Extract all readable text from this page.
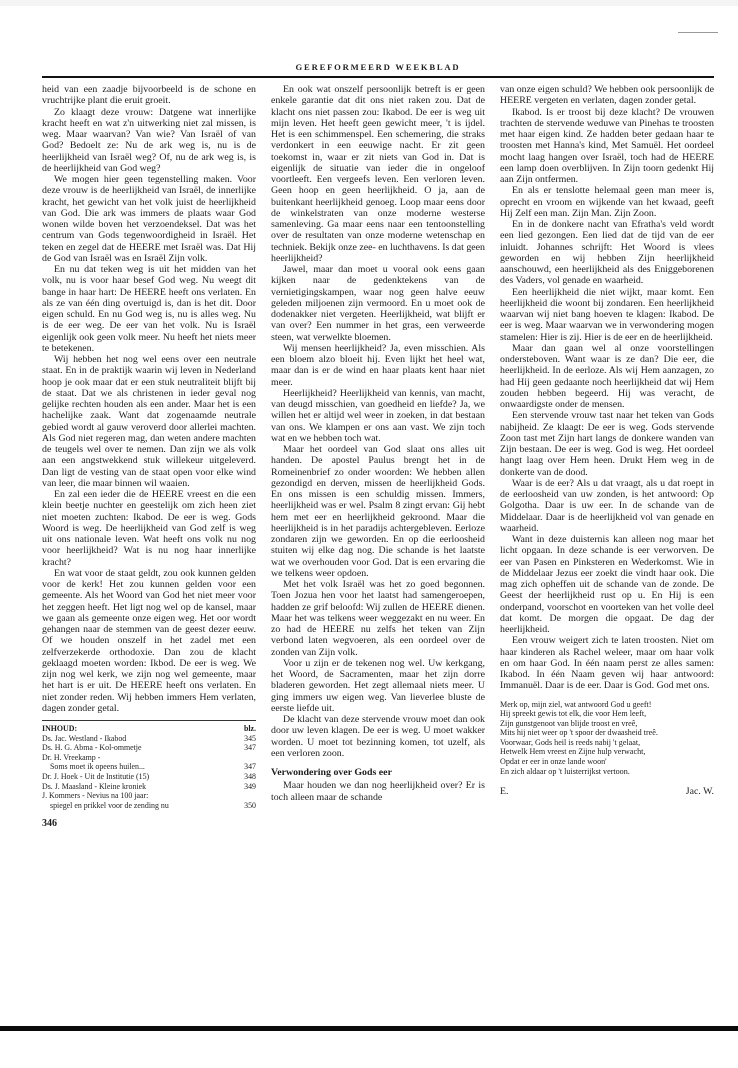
GEREFORMEERD WEEKBLAD

heid van een zaadje bijvoorbeeld is de schone en vruchtrijke plant die eruit groeit.

Zo klaagt deze vrouw: Datgene wat innerlijke kracht heeft en wat z'n uitwerking niet zal missen, is weg. Maar waarvan? Van wie? Van Israël of van God? Bedoelt ze: Nu de ark weg is, nu is de heerlijkheid van Israël weg? Of, nu de ark weg is, is de heerlijkheid van God weg?

We mogen hier geen tegenstelling maken. Voor deze vrouw is de heerlijkheid van Israël, de innerlijke kracht, het gewicht van het volk juist de heerlijkheid van God. Die ark was immers de plaats waar God wonen wilde boven het verzoendeksel. Dat was het centrum van Gods tegenwoordigheid in Israël. Het teken en zegel dat de HEERE met Israël was. Dat Hij de God van Israël was en Israël Zijn volk.

En nu dat teken weg is uit het midden van het volk, nu is voor haar besef God weg. Nu weegt dit bange in haar hart: De HEERE heeft ons verlaten. En als ze van één ding overtuigd is, dan is het dit. Door eigen schuld. En nu God weg is, nu is alles weg. Nu is de eer weg. De eer van het volk. Nu is Israël eigenlijk ook geen volk meer. Nu heeft het niets meer te betekenen.

Wij hebben het nog wel eens over een neutrale staat. En in de praktijk waarin wij leven in Nederland hoop je ook maar dat er een stuk neutraliteit blijft bij de staat. Dat we als christenen in ieder geval nog gelijke rechten houden als een ander. Maar het is een hachelijke zaak. Want dat zogenaamde neutrale gebied wordt al gauw veroverd door allerlei machten. Als God niet regeren mag, dan weten andere machten de teugels wel over te nemen. Dan zijn we als volk aan een angstwekkend stuk willekeur uitgeleverd. Dan ligt de vesting van de staat open voor elke wind van leer, die maar binnen wil waaien.

En zal een ieder die de HEERE vreest en die een klein beetje nuchter en geestelijk om zich heen ziet niet moeten zuchten: Ikabod. De eer is weg. Gods Woord is weg. De heerlijkheid van God zelf is weg uit ons nationale leven. Wat heeft ons volk nu nog voor heerlijkheid? Wat is nu nog haar innerlijke kracht?

En wat voor de staat geldt, zou ook kunnen gelden voor de kerk! Het zou kunnen gelden voor een gemeente. Als het Woord van God het niet meer voor het zeggen heeft. Het ligt nog wel op de kansel, maar we gaan als gemeente onze eigen weg. Het oor wordt gehangen naar de stemmen van de geest dezer eeuw. Of we houden onszelf in het zadel met een zelfverzekerde orthodoxie. Dan zou de klacht geklaagd moeten worden: Ikbod. De eer is weg. We zijn nog wel kerk, we zijn nog wel gemeente, maar het hart is er uit. De HEERE heeft ons verlaten. En niet zonder reden. Wij hebben immers Hem verlaten, dagen zonder getal.

INHOUD:	blz.
Ds. Jac. Westland - Ikabod	345
Ds. H. G. Abma - Kol-ommetje	347
Dr. H. Vreekamp -
Soms moet ik opeens huilen...	347
Dr. J. Hoek - Uit de Institutie (15)	348
Ds. J. Maasland - Kleine kroniek	349
J. Kommers - Nevius na 100 jaar:
spiegel en prikkel voor de zending nu	350
346

En ook wat onszelf persoonlijk betreft is er geen enkele garantie dat dit ons niet raken zou. Dat de klacht ons niet passen zou: Ikabod. De eer is weg uit mijn leven. Het heeft geen gewicht meer, 't is ijdel. Het is een schimmenspel. Een schemering, die straks verdonkert in een eeuwige nacht. Er zit geen toekomst in, waar er zit niets van God in. Dat is eigenlijk de situatie van ieder die in ongeloof voortleeft. Een vergeefs leven. Een verloren leven. Geen hoop en geen heerlijkheid. O ja, aan de buitenkant heerlijkheid genoeg. Loop maar eens door de winkelstraten van onze moderne westerse samenleving. Ga maar eens naar een tentoonstelling over de resultaten van onze moderne wetenschap en techniek. Bekijk onze zee- en luchthavens. Is dat geen heerlijkheid?

Jawel, maar dan moet u vooral ook eens gaan kijken naar de gedenktekens van de vernietigingskampen, waar nog geen halve eeuw geleden miljoenen zijn vermoord. En u moet ook de dodenakker niet vergeten. Heerlijkheid, wat blijft er van over? Een nummer in het gras, een verweerde steen, wat verwelkte bloemen.

Wij mensen heerlijkheid? Ja, even misschien. Als een bloem alzo bloeit hij. Even lijkt het heel wat, maar dan is er de wind en haar plaats kent haar niet meer.

Heerlijkheid? Heerlijkheid van kennis, van macht, van deugd misschien, van goedheid en liefde? Ja, we willen het er altijd wel weer in zoeken, in dat bestaan van ons. We klampen er ons aan vast. We zijn toch wat en we hebben toch wat.

Maar het oordeel van God slaat ons alles uit handen. De apostel Paulus brengt het in de Romeinenbrief zo onder woorden: We hebben allen gezondigd en derven, missen de heerlijkheid Gods. En ons missen is een schuldig missen. Immers, heerlijkheid was er wel. Psalm 8 zingt ervan: Gij hebt hem met eer en heerlijkheid gekroond. Maar die heerlijkheid is in het paradijs achtergebleven. Eerloze zondaren zijn we geworden. En op die eerloosheid stuiten wij elke dag nog. Die schande is het laatste wat we overhouden voor God. Dat is een ervaring die we telkens weer opdoen.

Met het volk Israël was het zo goed begonnen. Toen Jozua hen voor het laatst had samengeroepen, hadden ze grif beloofd: Wij zullen de HEERE dienen. Maar het was telkens weer weggezakt en nu weer. En zo had de HEERE nu zelfs het teken van Zijn verbond laten wegvoeren, als een oordeel over de zonden van Zijn volk.

Voor u zijn er de tekenen nog wel. Uw kerkgang, het Woord, de Sacramenten, maar het zijn dorre bladeren geworden. Het zegt allemaal niets meer. U ging immers uw eigen weg. Van lieverlee bluste de eerste liefde uit.

De klacht van deze stervende vrouw moet dan ook door uw leven klagen. De eer is weg. U moet wakker worden. U moet tot bezinning komen, tot uzelf, als een verloren zoon.

Verwondering over Gods eer

Maar houden we dan nog heerlijkheid over? Er is toch alleen maar de schande

van onze eigen schuld? We hebben ook persoonlijk de HEERE vergeten en verlaten, dagen zonder getal.

Ikabod. Is er troost bij deze klacht? De vrouwen trachten de stervende weduwe van Pinehas te troosten met haar eigen kind. Ze hadden beter gedaan haar te troosten met Hanna's kind, Met Samuël. Het oordeel mocht laag hangen over Israël, toch had de HEERE een lamp doen overblijven. In Zijn toorn gedenkt Hij aan Zijn ontfermen.

En als er tenslotte helemaal geen man meer is, oprecht en vroom en wijkende van het kwaad, geeft Hij Zelf een man. Zijn Man. Zijn Zoon.

En in de donkere nacht van Efratha's veld wordt een lied gezongen. Een lied dat de tijd van de eer inluidt. Johannes schrijft: Het Woord is vlees geworden en wij hebben Zijn heerlijkheid aanschouwd, een heerlijkheid als des Eniggeborenen des Vaders, vol genade en waarheid.

Een heerlijkheid die niet wijkt, maar komt. Een heerlijkheid die woont bij zondaren. Een heerlijkheid waarvan wij niet bang hoeven te klagen: Ikabod. De eer is weg. Maar waarvan we in verwondering mogen stamelen: Hier is zij. Hier is de eer en de heerlijkheid.

Maar dan gaan wel al onze voorstellingen ondersteboven. Want waar is ze dan? Die eer, die heerlijkheid. In de eerloze. Als wij Hem aanzagen, zo had Hij geen gedaante noch heerlijkheid dat wij Hem zouden hebben begeerd. Hij was veracht, de onwaardigste onder de mensen.

Een stervende vrouw tast naar het teken van Gods nabijheid. Ze klaagt: De eer is weg. Gods stervende Zoon tast met Zijn hart langs de donkere wanden van Zijn bestaan. De eer is weg. God is weg. Het oordeel hangt laag over Hem heen. Drukt Hem weg in de donkerte van de dood.

Waar is de eer? Als u dat vraagt, als u dat roept in de eerloosheid van uw zonden, is het antwoord: Op Golgotha. Daar is uw eer. In de schande van de Middelaar. Daar is de heerlijkheid vol van genade en waarheid.

Want in deze duisternis kan alleen nog maar het licht opgaan. In deze schande is eer verworven. De eer van Pasen en Pinksteren en Wederkomst. Wie in de Middelaar Jezus eer zoekt die vindt haar ook. Die mag zich opheffen uit de schande van de zonde. De Geest der heerlijkheid rust op u. En Hij is een onderpand, voorschot en voorteken van het volle deel dat komt. De morgen die opgaat. De dag der heerlijkheid.

Een vrouw weigert zich te laten troosten. Niet om haar kinderen als Rachel weleer, maar om haar volk en om haar God. In één naam perst ze alles samen: Ikabod. In één Naam geven wij haar antwoord: Immanuël. Daar is de eer. Daar is God. God met ons.

Merk op, mijn ziel, wat antwoord God u geeft!
Hij spreekt gewis tot elk, die voor Hem leeft,
Zijn gunstgenoot van blijde troost en vreê,
Mits hij niet weer op 't spoor der dwaasheid treê.
Voorwaar, Gods heil is reeds nabij 't gelaat,
Hetwelk Hem vreest en Zijne hulp verwacht,
Opdat er eer in onze lande woon'
En zich aldaar op 't luisterrijkst vertoon.
E.	Jac. W.
